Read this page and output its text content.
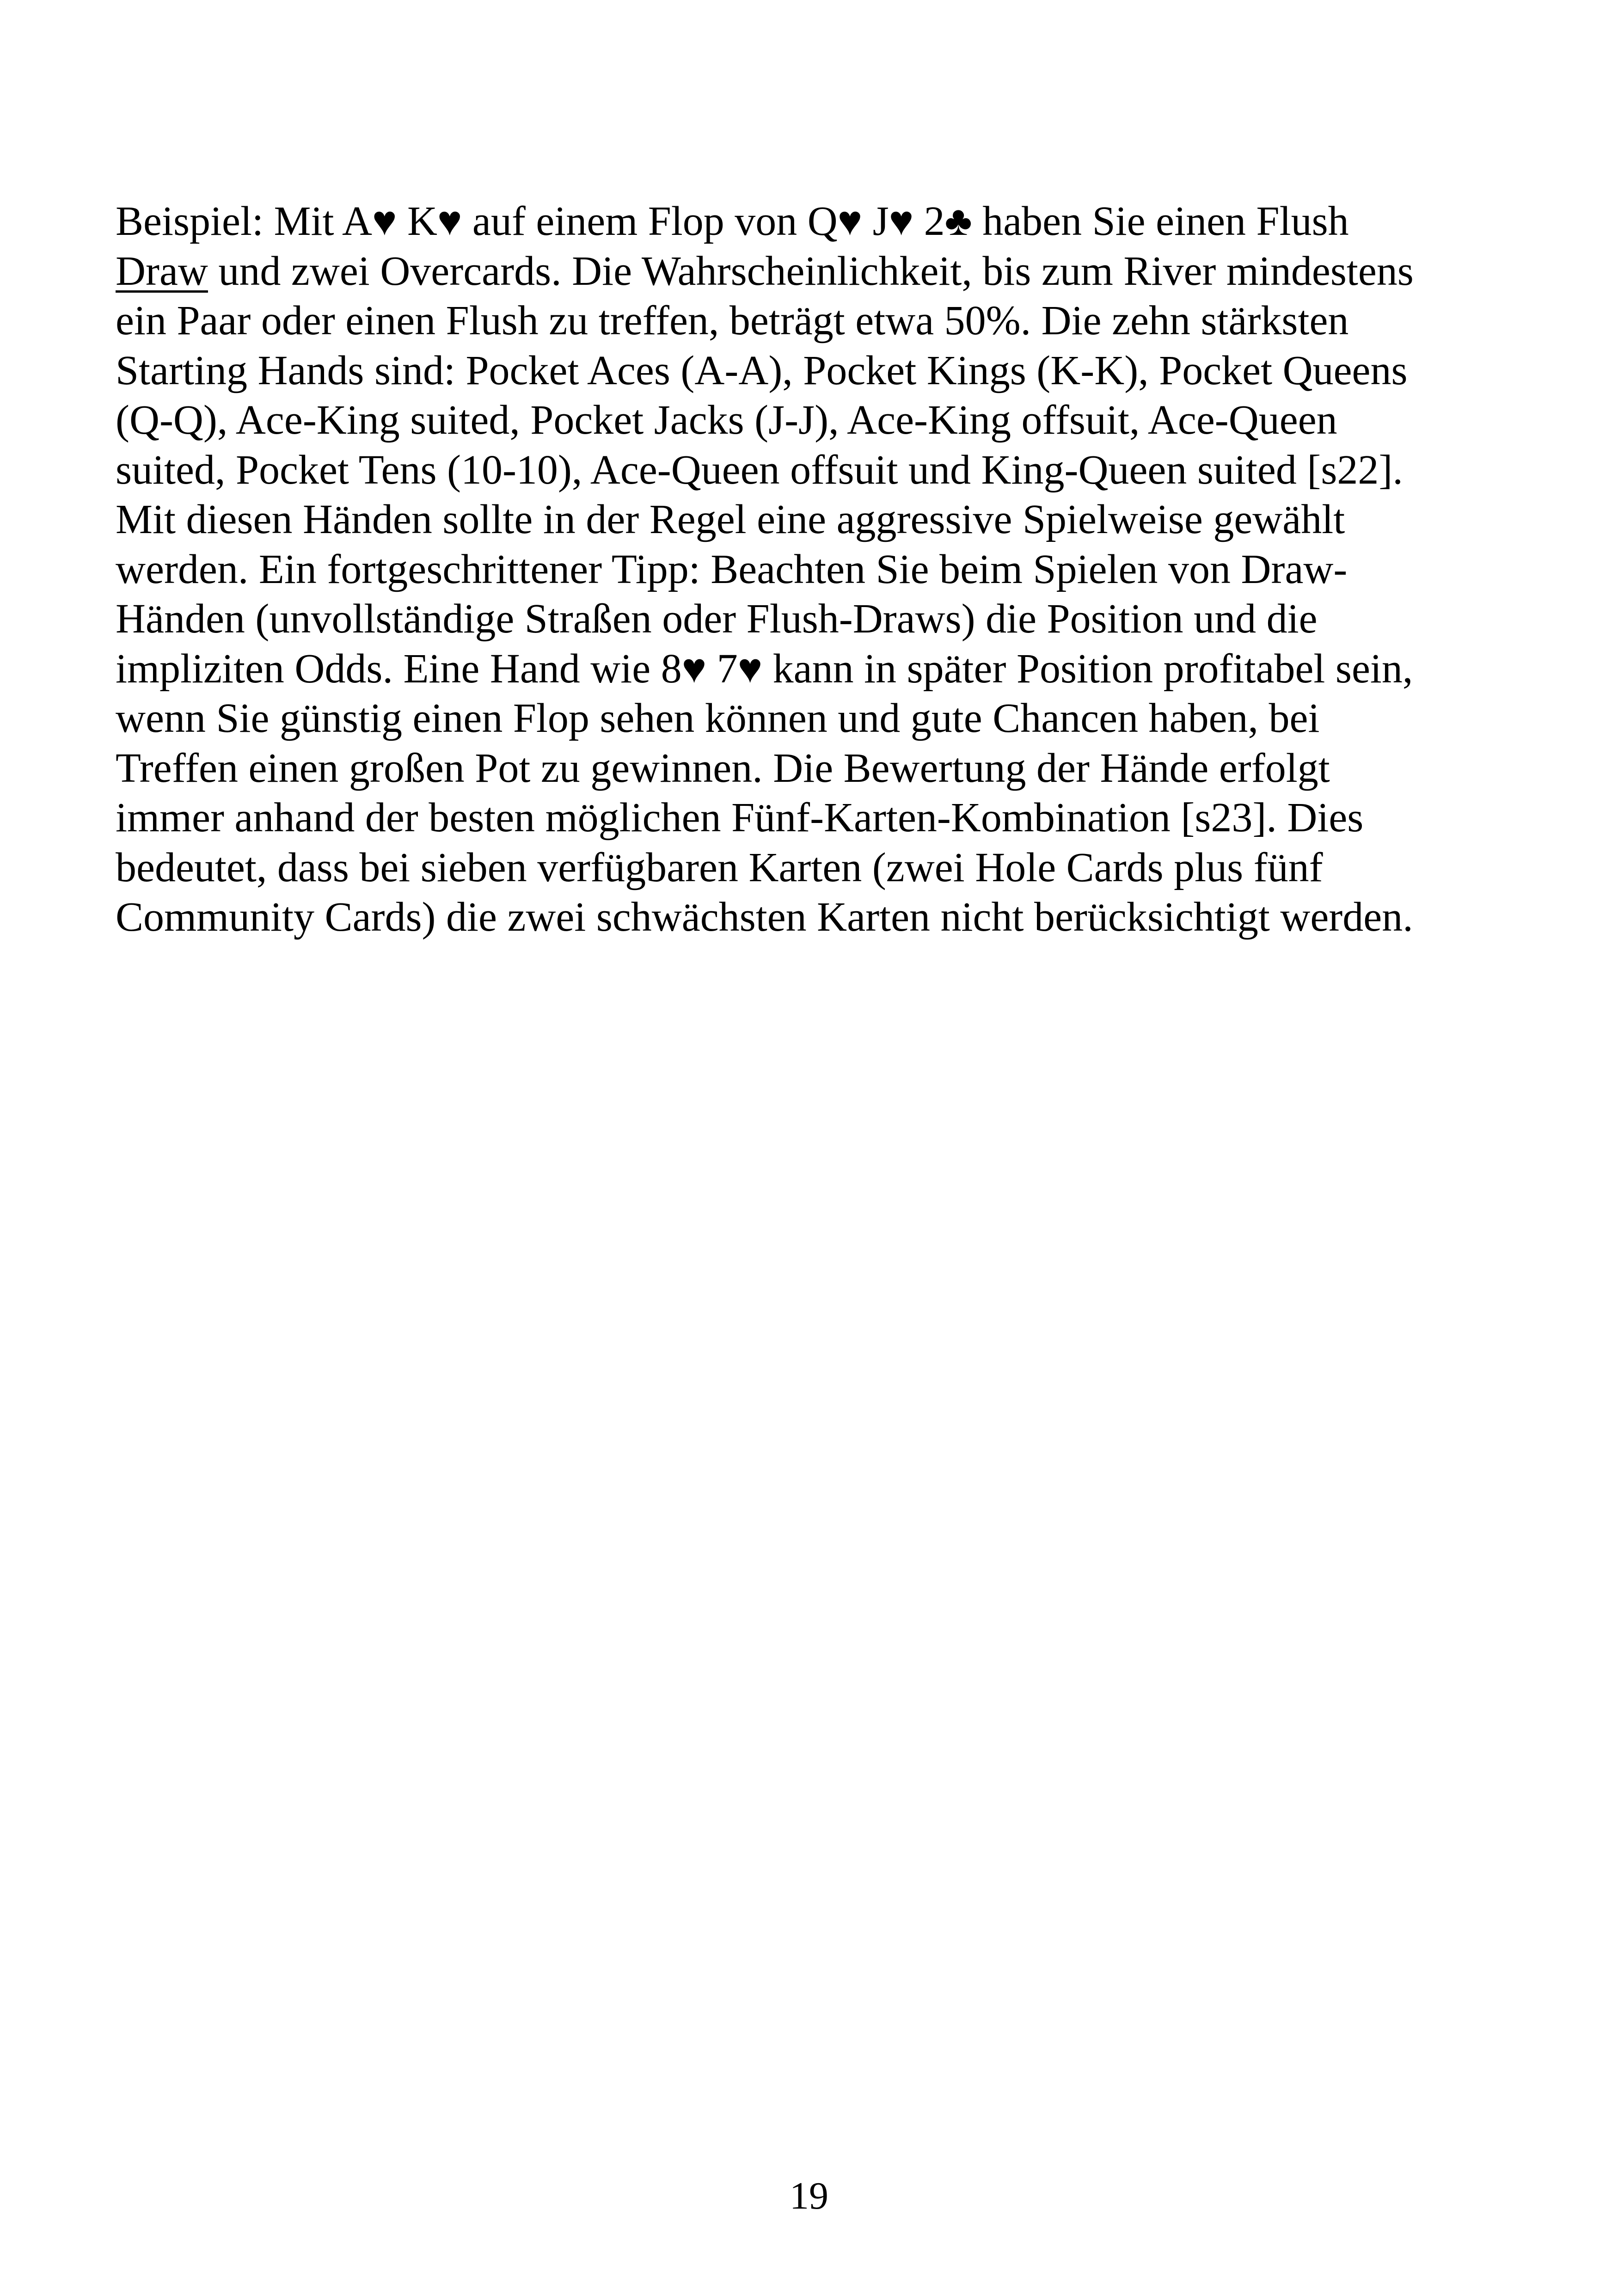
Beispiel: Mit A♥ K♥ auf einem Flop von Q♥ J♥ 2♣ haben Sie einen Flush
Draw und zwei Overcards. Die Wahrscheinlichkeit, bis zum River mindestens
ein Paar oder einen Flush zu treffen, beträgt etwa 50%. Die zehn stärksten
Starting Hands sind: Pocket Aces (A-A), Pocket Kings (K-K), Pocket Queens
(Q-Q), Ace-King suited, Pocket Jacks (J-J), Ace-King offsuit, Ace-Queen
suited, Pocket Tens (10-10), Ace-Queen offsuit und King-Queen suited [s22].
Mit diesen Händen sollte in der Regel eine aggressive Spielweise gewählt
werden. Ein fortgeschrittener Tipp: Beachten Sie beim Spielen von Draw-
Händen (unvollständige Straßen oder Flush-Draws) die Position und die
impliziten Odds. Eine Hand wie 8♥ 7♥ kann in später Position profitabel sein,
wenn Sie günstig einen Flop sehen können und gute Chancen haben, bei
Treffen einen großen Pot zu gewinnen. Die Bewertung der Hände erfolgt
immer anhand der besten möglichen Fünf-Karten-Kombination [s23]. Dies
bedeutet, dass bei sieben verfügbaren Karten (zwei Hole Cards plus fünf
Community Cards) die zwei schwächsten Karten nicht berücksichtigt werden.

19
